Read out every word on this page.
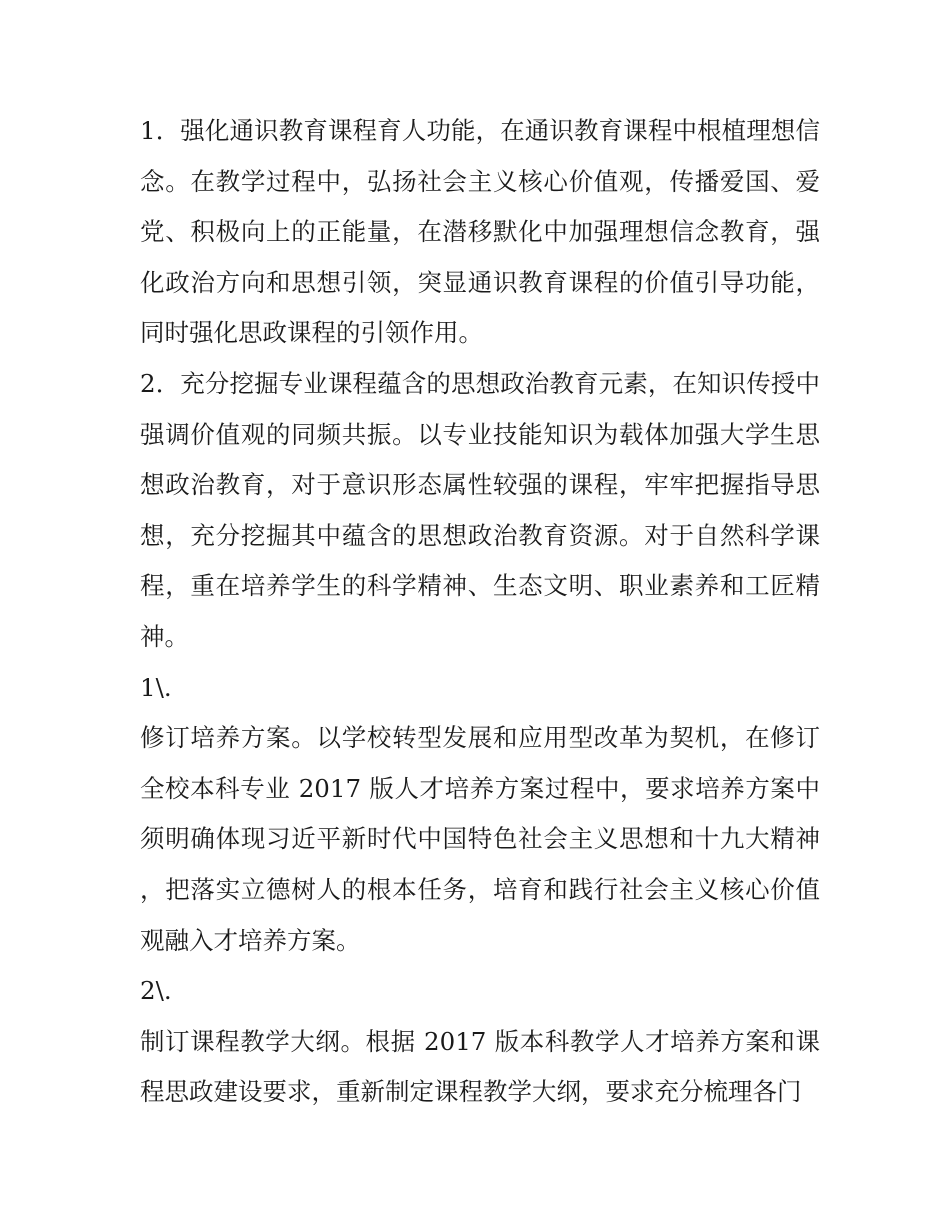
1．强化通识教育课程育人功能，在通识教育课程中根植理想信念。在教学过程中，弘扬社会主义核心价值观，传播爱国、爱党、积极向上的正能量，在潜移默化中加强理想信念教育，强化政治方向和思想引领，突显通识教育课程的价值引导功能，同时强化思政课程的引领作用。

2．充分挖掘专业课程蕴含的思想政治教育元素，在知识传授中强调价值观的同频共振。以专业技能知识为载体加强大学生思想政治教育，对于意识形态属性较强的课程，牢牢把握指导思想，充分挖掘其中蕴含的思想政治教育资源。对于自然科学课程，重在培养学生的科学精神、生态文明、职业素养和工匠精神。

1\.

修订培养方案。以学校转型发展和应用型改革为契机，在修订全校本科专业 2017 版人才培养方案过程中，要求培养方案中须明确体现习近平新时代中国特色社会主义思想和十九大精神，把落实立德树人的根本任务，培育和践行社会主义核心价值观融入才培养方案。

2\.

制订课程教学大纲。根据 2017 版本科教学人才培养方案和课程思政建设要求，重新制定课程教学大纲，要求充分梳理各门
